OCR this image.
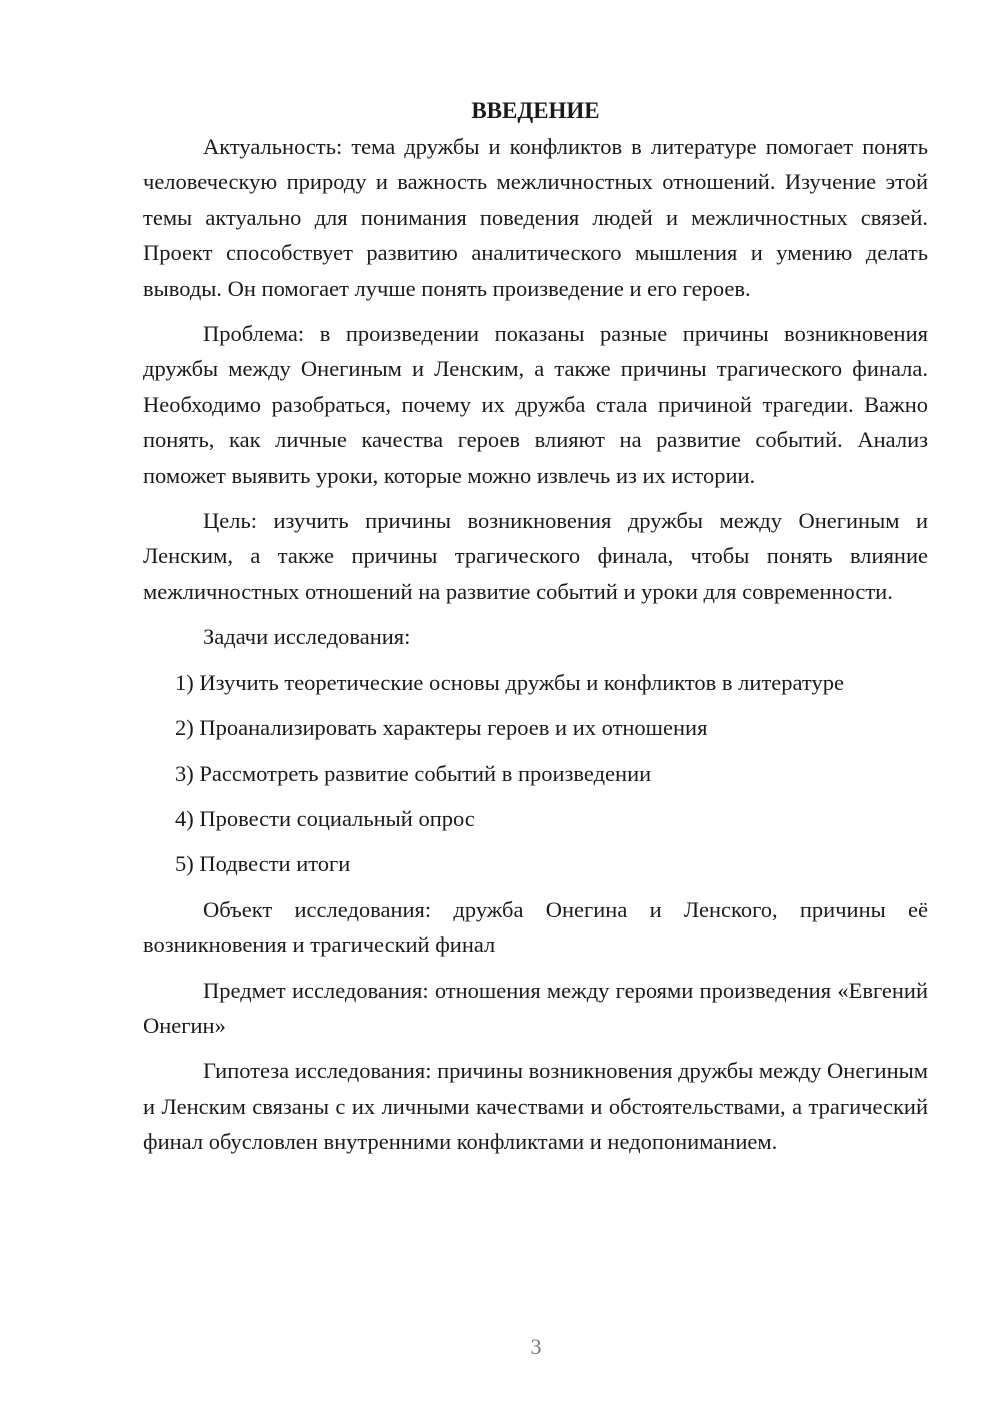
ВВЕДЕНИЕ

Актуальность: тема дружбы и конфликтов в литературе помогает понять человеческую природу и важность межличностных отношений. Изучение этой темы актуально для понимания поведения людей и межличностных связей. Проект способствует развитию аналитического мышления и умению делать выводы. Он помогает лучше понять произведение и его героев.

Проблема: в произведении показаны разные причины возникновения дружбы между Онегиным и Ленским, а также причины трагического финала. Необходимо разобраться, почему их дружба стала причиной трагедии. Важно понять, как личные качества героев влияют на развитие событий. Анализ поможет выявить уроки, которые можно извлечь из их истории.

Цель: изучить причины возникновения дружбы между Онегиным и Ленским, а также причины трагического финала, чтобы понять влияние межличностных отношений на развитие событий и уроки для современности.

Задачи исследования:

1) Изучить теоретические основы дружбы и конфликтов в литературе
2) Проанализировать характеры героев и их отношения
3) Рассмотреть развитие событий в произведении
4) Провести социальный опрос
5) Подвести итоги

Объект исследования: дружба Онегина и Ленского, причины её возникновения и трагический финал

Предмет исследования: отношения между героями произведения «Евгений Онегин»

Гипотеза исследования: причины возникновения дружбы между Онегиным и Ленским связаны с их личными качествами и обстоятельствами, а трагический финал обусловлен внутренними конфликтами и недопониманием.

3
